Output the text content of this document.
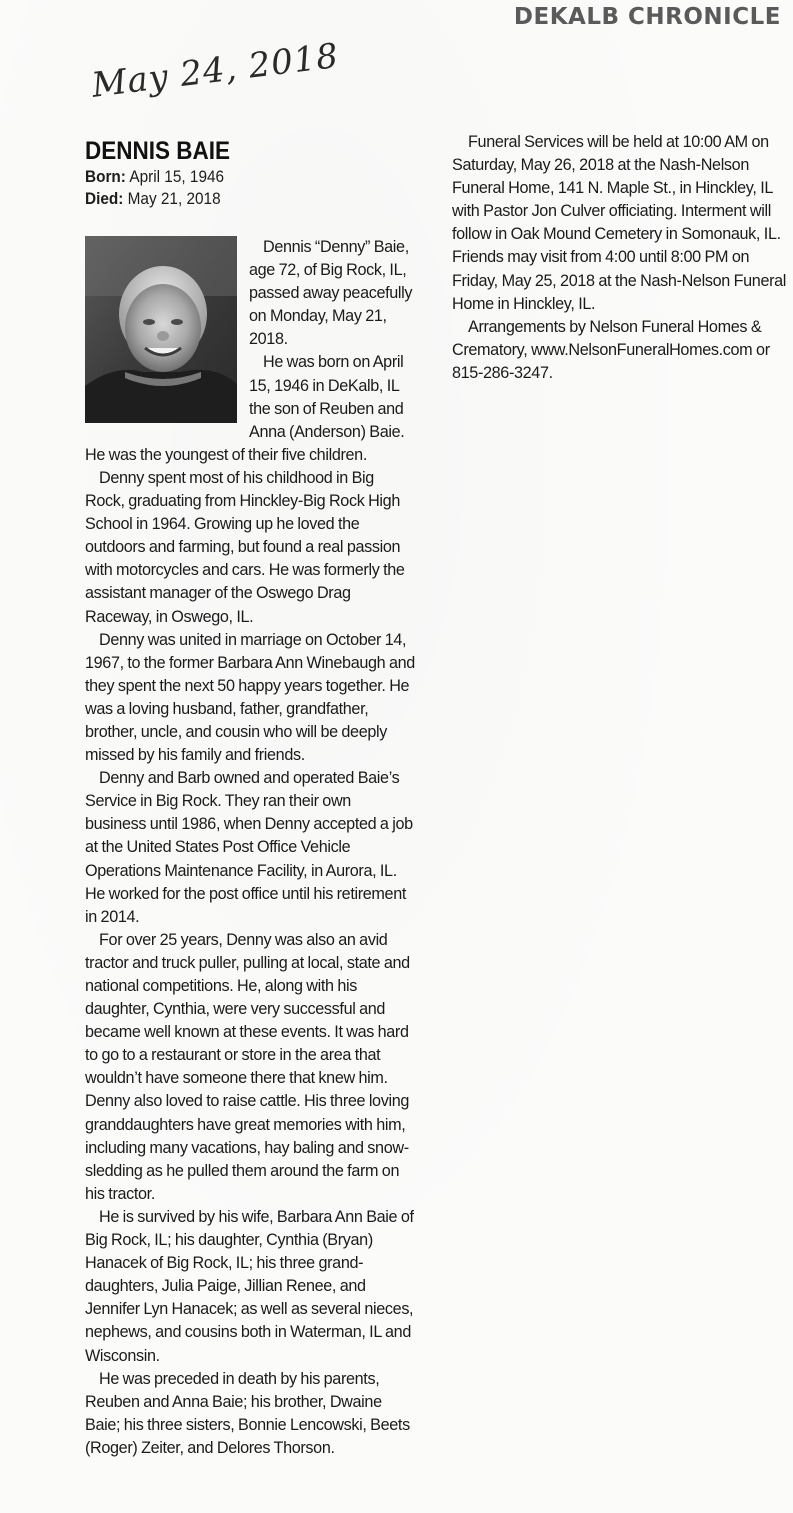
DEKALB CHRONICLE
May 24, 2018
DENNIS BAIE
Born: April 15, 1946
Died: May 21, 2018

Dennis “Denny” Baie, age 72, of Big Rock, IL, passed away peacefully on Monday, May 21, 2018.

He was born on April 15, 1946 in DeKalb, IL the son of Reuben and Anna (Anderson) Baie. He was the youngest of their five children.

Denny spent most of his childhood in Big Rock, graduating from Hinckley-Big Rock High School in 1964. Growing up he loved the outdoors and farming, but found a real passion with motorcycles and cars. He was formerly the assistant manager of the Oswego Drag Raceway, in Oswego, IL.

Denny was united in marriage on October 14, 1967, to the former Barbara Ann Winebaugh and they spent the next 50 happy years together. He was a loving husband, father, grandfather, brother, uncle, and cousin who will be deeply missed by his family and friends.

Denny and Barb owned and operated Baie’s Service in Big Rock. They ran their own business until 1986, when Denny accepted a job at the United States Post Office Vehicle Operations Maintenance Facility, in Aurora, IL. He worked for the post office until his retirement in 2014.

For over 25 years, Denny was also an avid tractor and truck puller, pulling at local, state and national competitions. He, along with his daughter, Cynthia, were very successful and became well known at these events. It was hard to go to a restaurant or store in the area that wouldn’t have someone there that knew him. Denny also loved to raise cattle. His three loving granddaughters have great memories with him, including many vacations, hay baling and snow-sledding as he pulled them around the farm on his tractor.

He is survived by his wife, Barbara Ann Baie of Big Rock, IL; his daughter, Cynthia (Bryan) Hanacek of Big Rock, IL; his three grand-daughters, Julia Paige, Jillian Renee, and Jennifer Lyn Hanacek; as well as several nieces, nephews, and cousins both in Waterman, IL and Wisconsin.

He was preceded in death by his parents, Reuben and Anna Baie; his brother, Dwaine Baie; his three sisters, Bonnie Lencowski, Beets (Roger) Zeiter, and Delores Thorson.

Funeral Services will be held at 10:00 AM on Saturday, May 26, 2018 at the Nash-Nelson Funeral Home, 141 N. Maple St., in Hinckley, IL with Pastor Jon Culver officiating. Interment will follow in Oak Mound Cemetery in Somonauk, IL. Friends may visit from 4:00 until 8:00 PM on Friday, May 25, 2018 at the Nash-Nelson Funeral Home in Hinckley, IL.

Arrangements by Nelson Funeral Homes & Crematory, www.NelsonFuneralHomes.com or 815-286-3247.
